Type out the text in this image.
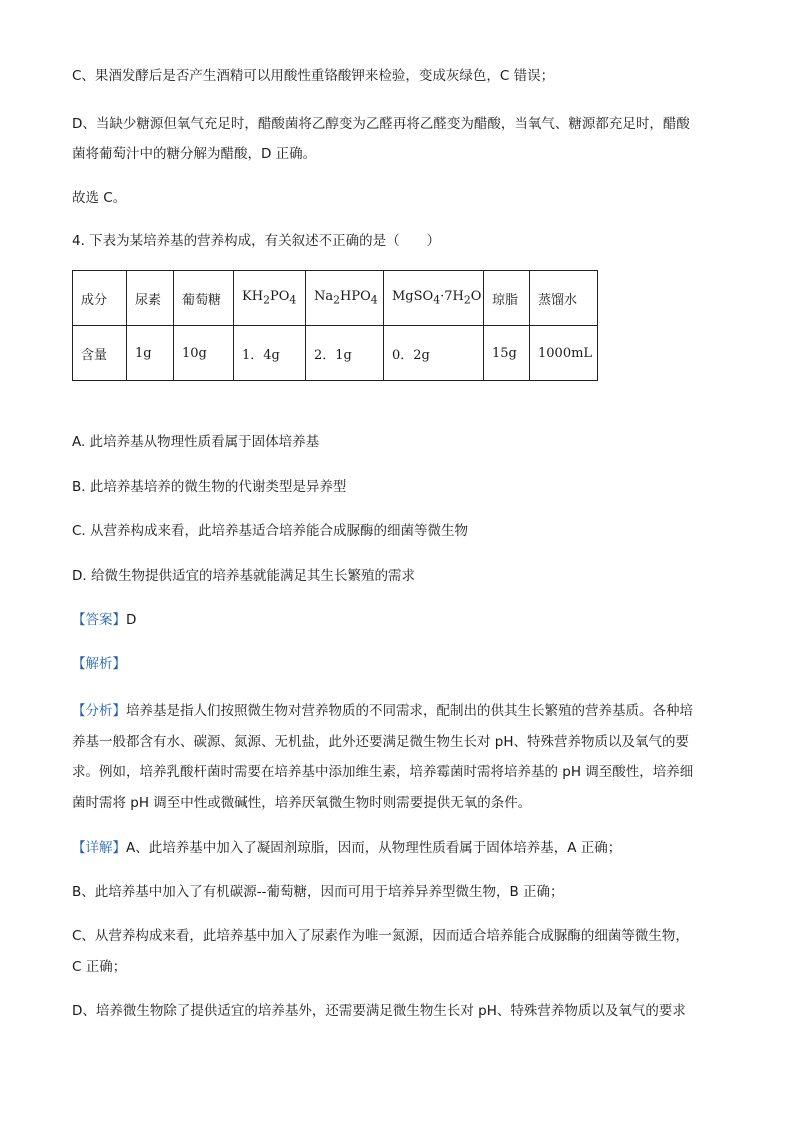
C、果酒发酵后是否产生酒精可以用酸性重铬酸钾来检验，变成灰绿色，C 错误；

D、当缺少糖源但氧气充足时，醋酸菌将乙醇变为乙醛再将乙醛变为醋酸，当氧气、糖源都充足时，醋酸

菌将葡萄汁中的糖分解为醋酸，D 正确。

故选 C。

4. 下表为某培养基的营养构成，有关叙述不正确的是（　　）

成分	尿素	葡萄糖	$KH_2PO_4$	$Na_2HPO_4$	$MgSO_4\cdot 7H_2O$	琼脂	蒸馏水
含量	1g	10g	1．4g	2．1g	0．2g	15g	1000mL

A. 此培养基从物理性质看属于固体培养基

B. 此培养基培养的微生物的代谢类型是异养型

C. 从营养构成来看，此培养基适合培养能合成脲酶的细菌等微生物

D. 给微生物提供适宜的培养基就能满足其生长繁殖的需求

【答案】D

【解析】

【分析】培养基是指人们按照微生物对营养物质的不同需求，配制出的供其生长繁殖的营养基质。各种培

养基一般都含有水、碳源、氮源、无机盐，此外还要满足微生物生长对 pH、特殊营养物质以及氧气的要

求。例如，培养乳酸杆菌时需要在培养基中添加维生素，培养霉菌时需将培养基的 pH 调至酸性，培养细

菌时需将 pH 调至中性或微碱性，培养厌氧微生物时则需要提供无氧的条件。

【详解】A、此培养基中加入了凝固剂琼脂，因而，从物理性质看属于固体培养基，A 正确；

B、此培养基中加入了有机碳源--葡萄糖，因而可用于培养异养型微生物，B 正确；

C、从营养构成来看，此培养基中加入了尿素作为唯一氮源，因而适合培养能合成脲酶的细菌等微生物，

C 正确；

D、培养微生物除了提供适宜的培养基外，还需要满足微生物生长对 pH、特殊营养物质以及氧气的要求
